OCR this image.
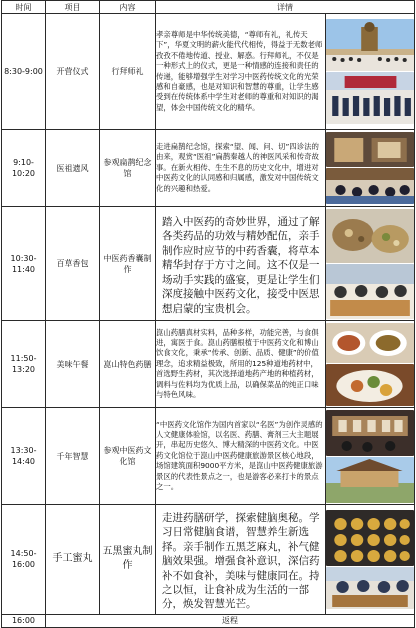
时间	项目	内容	详情	
8:30-9:00	开营仪式	行拜师礼	孝亲尊师是中华传统美德，“尊师有礼，礼传天下”，华夏文明的薪火能代代相传，得益于无数老师孜孜不倦地传道、授业、解惑。行拜师礼，不仅是一种形式上的仪式，更是一种情感的连接和责任的传递，能够增强学生对学习中医药传统文化的光荣感和自豪感，也是对知识和智慧的尊重，让学生感受到在传统体系中学生对老师的尊重和对知识的渴望，体会中国传统文化的精华。	

9:10-10:20	医祖遗风	参观扁鹊纪念馆	走进扁鹊纪念馆，探索“望、闻、问、切”四诊法的由来，观赏“医祖”扁鹊秦越人的神医风采和传奇故事。在新火相传、生生不息的历史文化中，增进对中医药文化的认同感和归属感，激发对中国传统文化的兴趣和热爱。	

10:30-11:40	百草香包	中医药香囊制作	踏入中医药的奇妙世界，通过了解各类药品的功效与精妙配伍，亲手制作应时应节的中药香囊，将草本精华封存于方寸之间。这不仅是一场动手实践的盛宴，更是让学生们深度接触中医药文化，接受中医思想启蒙的宝贵机会。	

11:50-13:20	美味午餐	崑山特色药膳	崑山药膳真材实料，品种多样，功能完善，与食俱进，寓医于食。崑山药膳根植于中医药文化和博山饮食文化，秉承“传承、创新、品质、健康”的价值理念，追求精益极致，所用的125种道地药材中，首选野生药材，其次选择道地药产地的种植药材，调料与佐料均为优质上品，以确保菜品的纯正口味与特色风味。	

13:30-14:40	千年智慧	参观中医药文化馆	“中医药文化馆作为国内首家以“名医”为创作灵感的人文健康体验馆，以名医、药膳、膏剂三大主题展开，串起历史悠久、博大精深的中医药文化。中医药文化馆位于崑山中医药健康旅游景区核心地段，场馆建筑面积9000平方米，是崑山中医药健康旅游景区的代表性景点之一，也是游客必来打卡的景点之一。	

14:50-16:00	手工蜜丸	五黑蜜丸制作	走进药膳研学，探索健脑奥秘。学习日常健脑食谱，智慧养生新选择。亲手制作五黑芝麻丸，补气健脑效果强。增强食补意识，深信药补不如食补，美味与健康同在。持之以恒，让食补成为生活的一部分，焕发智慧光芒。	

16:00	返程			
